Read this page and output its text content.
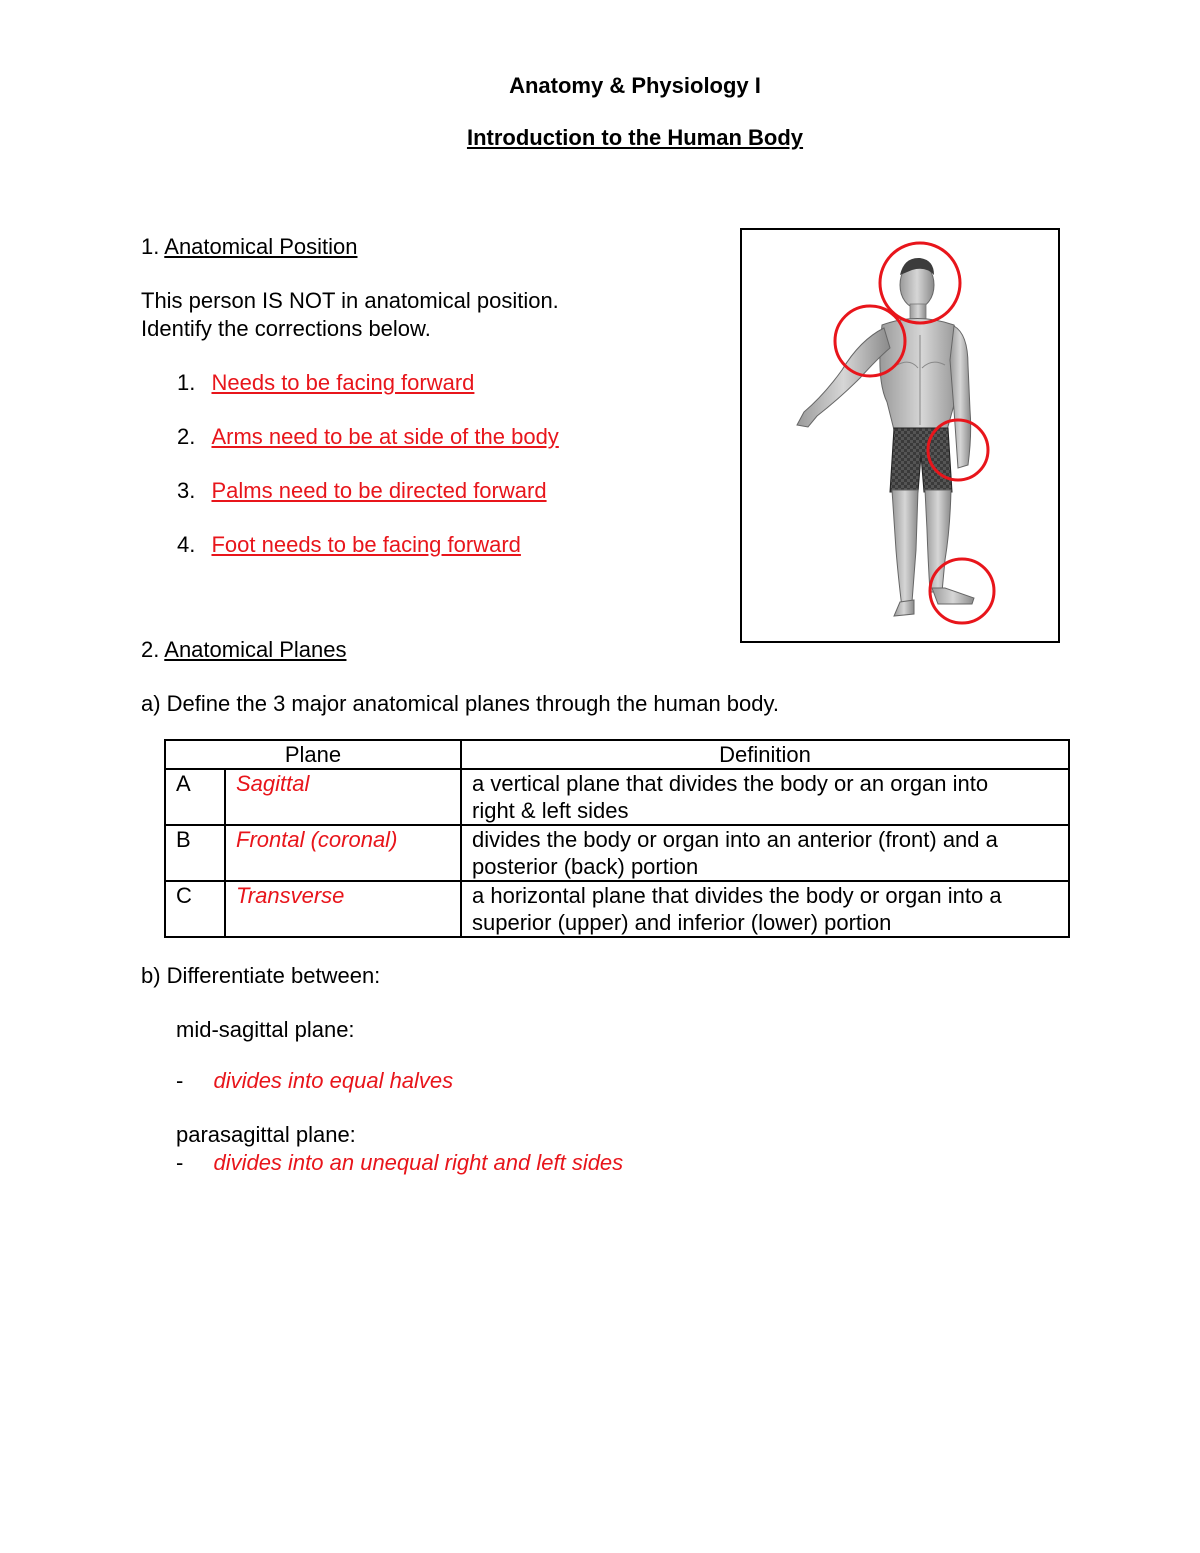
Anatomy & Physiology I
Introduction to the Human Body
1. Anatomical Position
This person IS NOT in anatomical position.
Identify the corrections below.
1. Needs to be facing forward
2. Arms need to be at side of the body
3. Palms need to be directed forward
4. Foot needs to be facing forward
2. Anatomical Planes
a) Define the 3 major anatomical planes through the human body.
Plane		Definition
A	Sagittal	a vertical plane that divides the body or an organ into
right & left sides

B	Frontal (coronal)	divides the body or organ into an anterior (front) and a
posterior (back) portion

C	Transverse	a horizontal plane that divides the body or organ into a
superior (upper) and inferior (lower) portion
b) Differentiate between:
mid-sagittal plane:
- divides into equal halves
parasagittal plane:
- divides into an unequal right and left sides
